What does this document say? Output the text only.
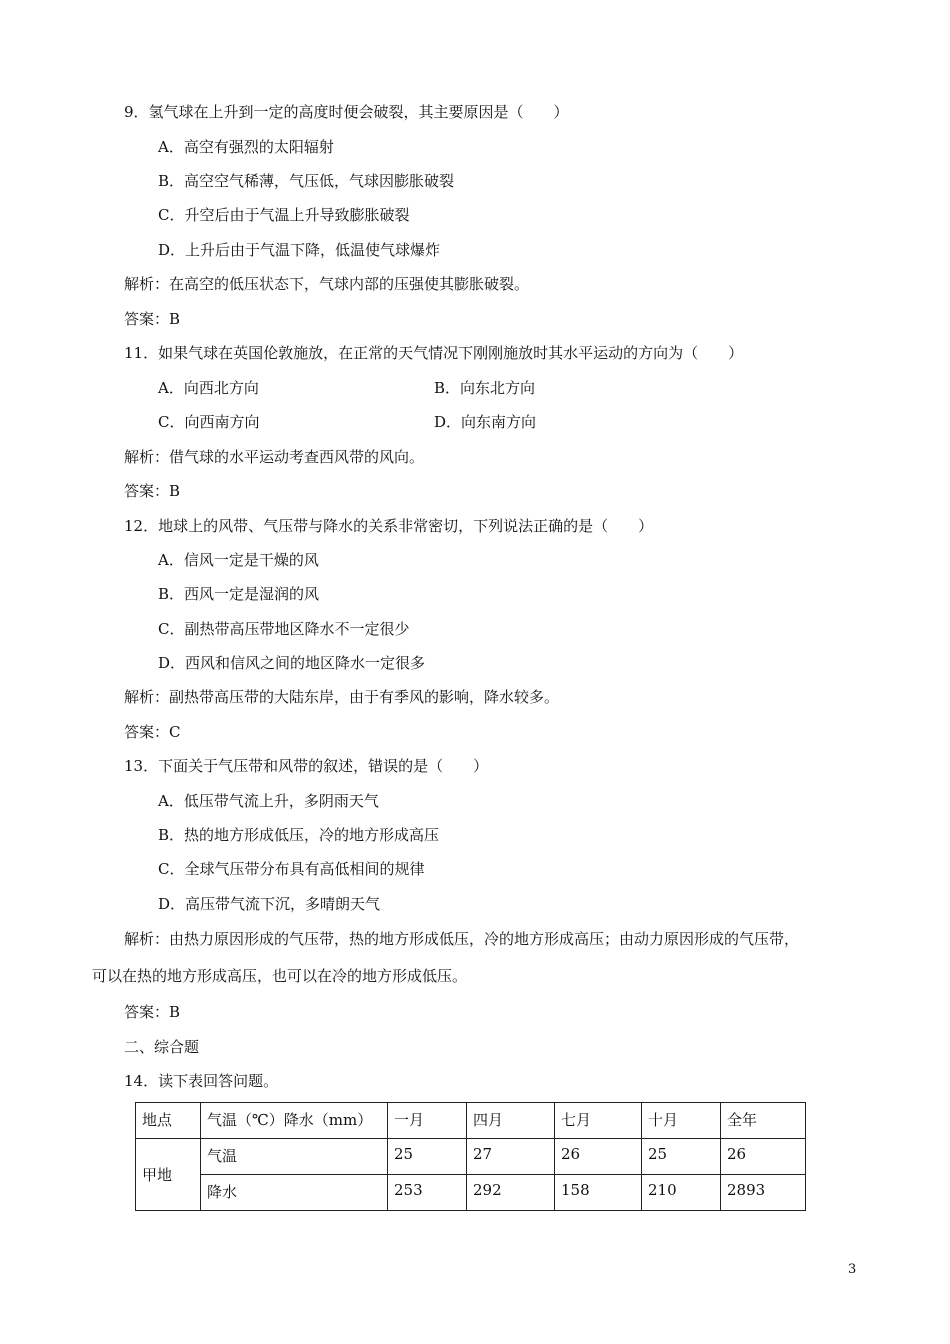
9．氢气球在上升到一定的高度时便会破裂，其主要原因是（　　）
A．高空有强烈的太阳辐射
B．高空空气稀薄，气压低，气球因膨胀破裂
C．升空后由于气温上升导致膨胀破裂
D．上升后由于气温下降，低温使气球爆炸
解析：在高空的低压状态下，气球内部的压强使其膨胀破裂。
答案：B
11．如果气球在英国伦敦施放，在正常的天气情况下刚刚施放时其水平运动的方向为（　　）
A．向西北方向	B．向东北方向
C．向西南方向	D．向东南方向
解析：借气球的水平运动考查西风带的风向。
答案：B
12．地球上的风带、气压带与降水的关系非常密切，下列说法正确的是（　　）
A．信风一定是干燥的风
B．西风一定是湿润的风
C．副热带高压带地区降水不一定很少
D．西风和信风之间的地区降水一定很多
解析：副热带高压带的大陆东岸，由于有季风的影响，降水较多。
答案：C
13．下面关于气压带和风带的叙述，错误的是（　　）
A．低压带气流上升，多阴雨天气
B．热的地方形成低压，冷的地方形成高压
C．全球气压带分布具有高低相间的规律
D．高压带气流下沉，多晴朗天气
解析：由热力原因形成的气压带，热的地方形成低压，冷的地方形成高压；由动力原因形成的气压带，
可以在热的地方形成高压，也可以在冷的地方形成低压。
答案：B
二、综合题
14．读下表回答问题。
地点	气温（℃）降水（mm）	一月	四月	七月	十月	全年
甲地	气温	25	27	26	25	26
	降水	253	292	158	210	2893
3
